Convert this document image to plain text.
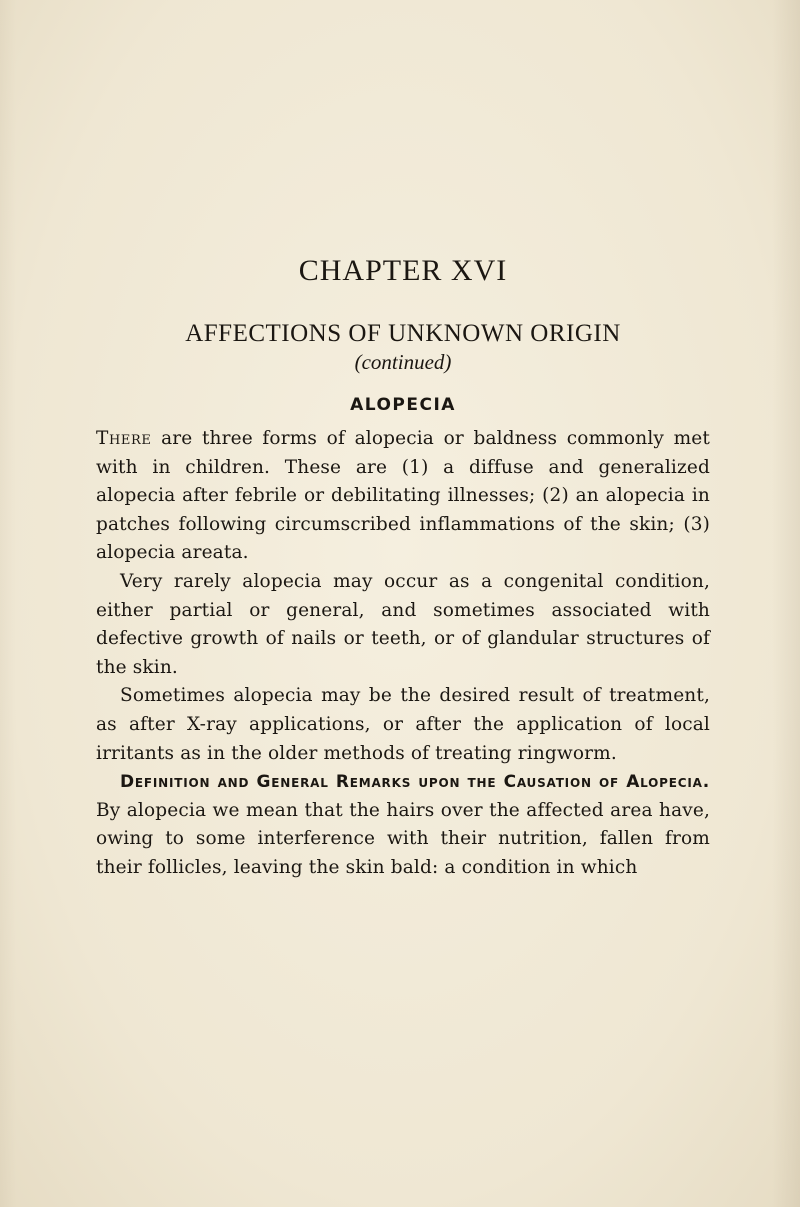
CHAPTER XVI
AFFECTIONS OF UNKNOWN ORIGIN
(continued)
ALOPECIA

There are three forms of alopecia or baldness commonly met with in children. These are (1) a diffuse and generalized alopecia after febrile or debilitating illnesses; (2) an alopecia in patches following circumscribed inflammations of the skin; (3) alopecia areata.

Very rarely alopecia may occur as a congenital condition, either partial or general, and sometimes associated with defective growth of nails or teeth, or of glandular structures of the skin.

Sometimes alopecia may be the desired result of treatment, as after X-ray applications, or after the application of local irritants as in the older methods of treating ringworm.

Definition and General Remarks upon the Causation of Alopecia. By alopecia we mean that the hairs over the affected area have, owing to some interference with their nutrition, fallen from their follicles, leaving the skin bald: a condition in which
